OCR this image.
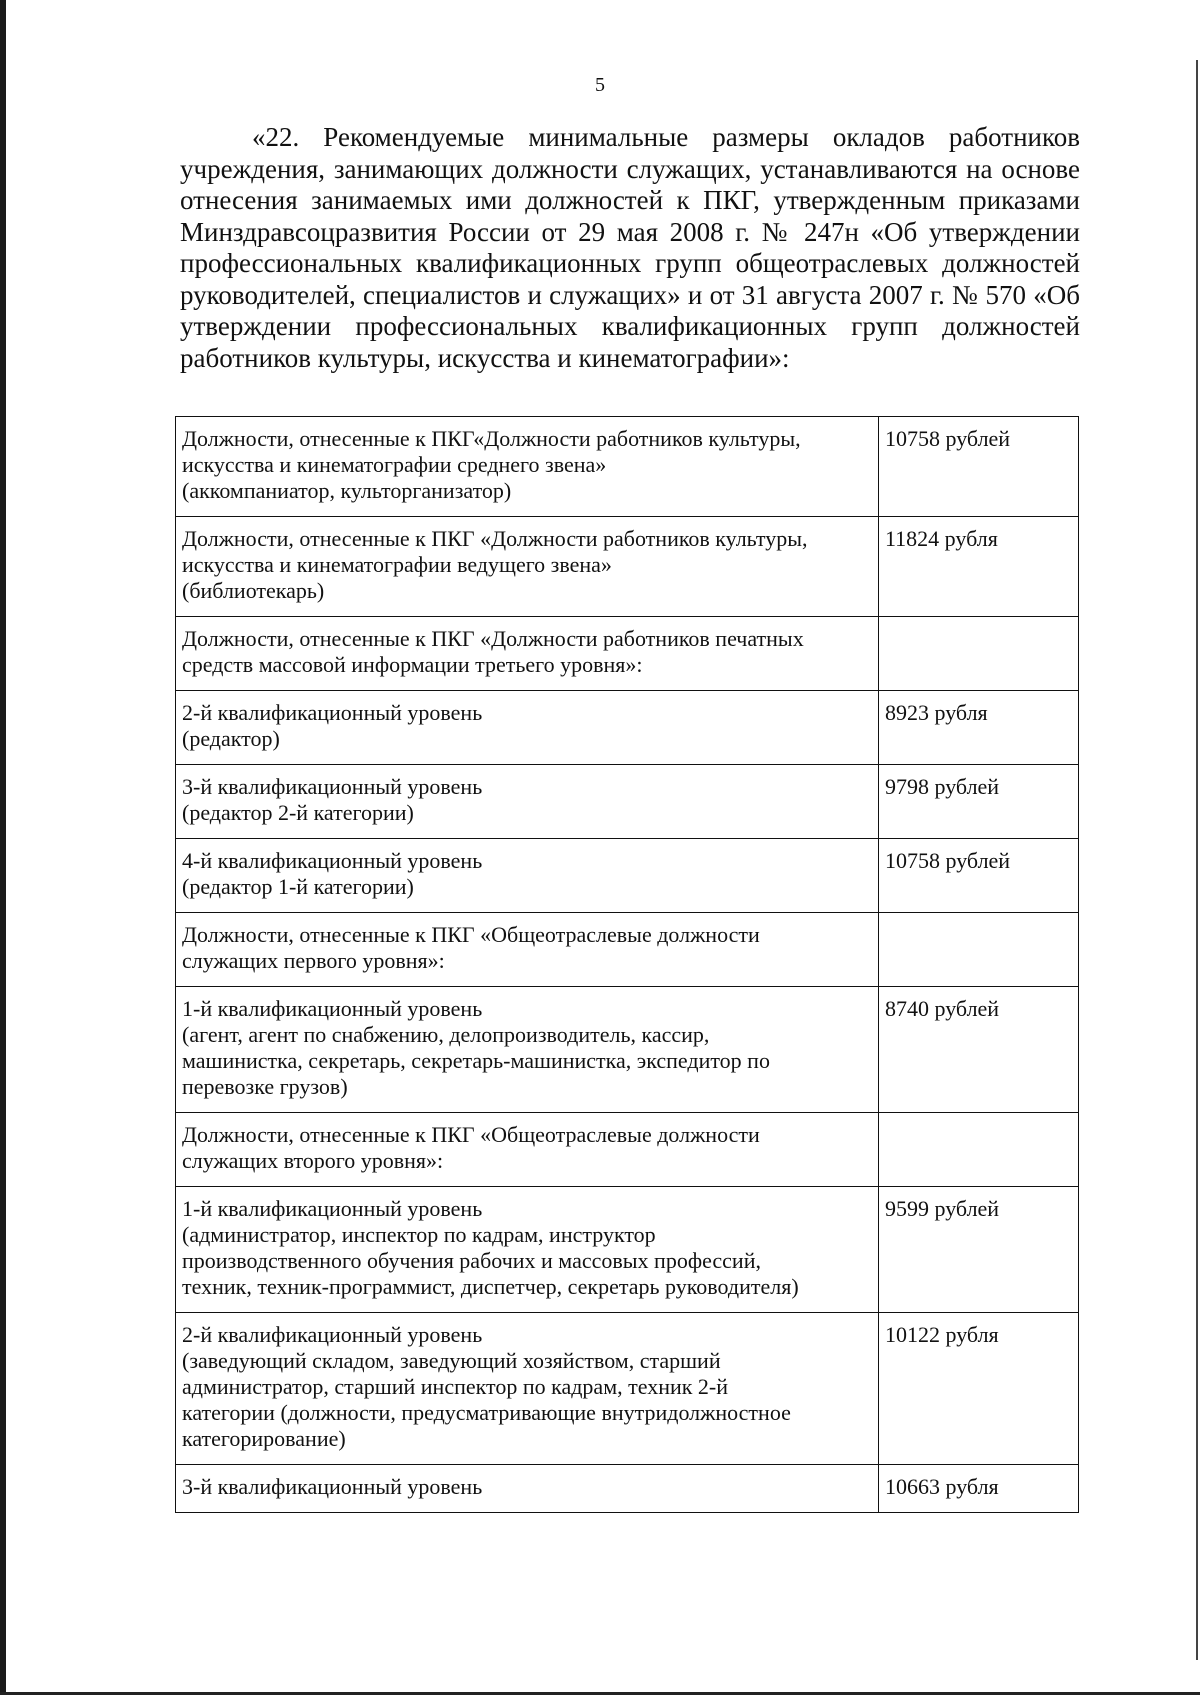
5

«22. Рекомендуемые минимальные размеры окладов работников учреждения, занимающих должности служащих, устанавливаются на основе отнесения занимаемых ими должностей к ПКГ, утвержденным приказами Минздравсоцразвития России от 29 мая 2008 г. № 247н «Об утверждении профессиональных квалификационных групп общеотраслевых должностей руководителей, специалистов и служащих» и от 31 августа 2007 г. № 570 «Об утверждении профессиональных квалификационных групп должностей работников культуры, искусства и кинематографии»:

Должности, отнесенные к ПКГ«Должности работников культуры,
искусства и кинематографии среднего звена»
(аккомпаниатор, культорганизатор)	10758 рублей

Должности, отнесенные к ПКГ «Должности работников культуры,
искусства и кинематографии ведущего звена»
(библиотекарь)	11824 рубля

Должности, отнесенные к ПКГ «Должности работников печатных
средств массовой информации третьего уровня»:	

2-й квалификационный уровень
(редактор)	8923 рубля

3-й квалификационный уровень
(редактор 2-й категории)	9798 рублей

4-й квалификационный уровень
(редактор 1-й категории)	10758 рублей

Должности, отнесенные к ПКГ «Общеотраслевые должности
служащих первого уровня»:	

1-й квалификационный уровень
(агент, агент по снабжению, делопроизводитель, кассир,
машинистка, секретарь, секретарь-машинистка, экспедитор по
перевозке грузов)	8740 рублей

Должности, отнесенные к ПКГ «Общеотраслевые должности
служащих второго уровня»:	

1-й квалификационный уровень
(администратор, инспектор по кадрам, инструктор
производственного обучения рабочих и массовых профессий,
техник, техник-программист, диспетчер, секретарь руководителя)	9599 рублей

2-й квалификационный уровень
(заведующий складом, заведующий хозяйством, старший
администратор, старший инспектор по кадрам, техник 2-й
категории (должности, предусматривающие внутридолжностное
категорирование)	10122 рубля

3-й квалификационный уровень	10663 рубля
